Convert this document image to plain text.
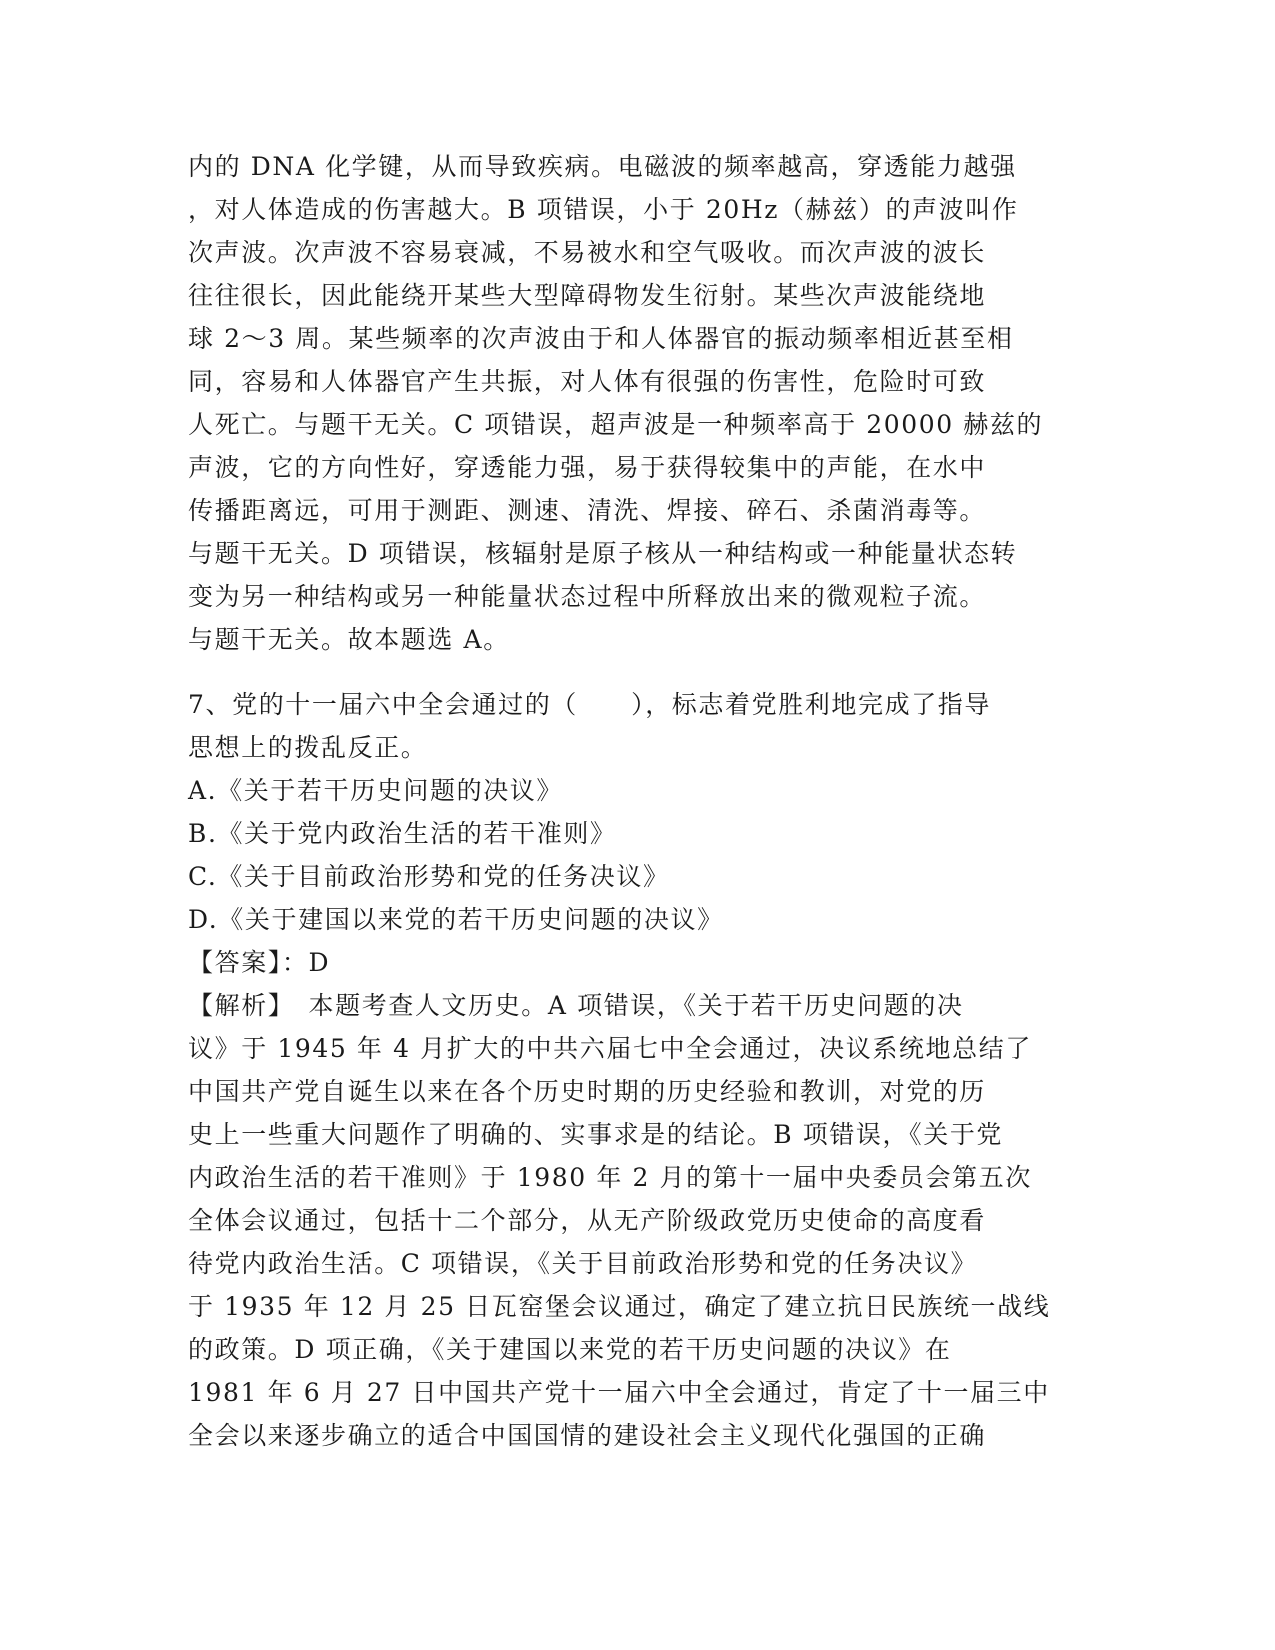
内的 DNA 化学键，从而导致疾病。电磁波的频率越高，穿透能力越强
，对人体造成的伤害越大。B 项错误，小于 20Hz（赫兹）的声波叫作
次声波。次声波不容易衰减，不易被水和空气吸收。而次声波的波长
往往很长，因此能绕开某些大型障碍物发生衍射。某些次声波能绕地
球 2～3 周。某些频率的次声波由于和人体器官的振动频率相近甚至相
同，容易和人体器官产生共振，对人体有很强的伤害性，危险时可致
人死亡。与题干无关。C 项错误，超声波是一种频率高于 20000 赫兹的
声波，它的方向性好，穿透能力强，易于获得较集中的声能，在水中
传播距离远，可用于测距、测速、清洗、焊接、碎石、杀菌消毒等。
与题干无关。D 项错误，核辐射是原子核从一种结构或一种能量状态转
变为另一种结构或另一种能量状态过程中所释放出来的微观粒子流。
与题干无关。故本题选 A。
7、党的十一届六中全会通过的（　　），标志着党胜利地完成了指导
思想上的拨乱反正。
A.《关于若干历史问题的决议》
B.《关于党内政治生活的若干准则》
C.《关于目前政治形势和党的任务决议》
D.《关于建国以来党的若干历史问题的决议》
【答案】：D
【解析】　本题考查人文历史。A 项错误，《关于若干历史问题的决
议》于 1945 年 4 月扩大的中共六届七中全会通过，决议系统地总结了
中国共产党自诞生以来在各个历史时期的历史经验和教训，对党的历
史上一些重大问题作了明确的、实事求是的结论。B 项错误，《关于党
内政治生活的若干准则》于 1980 年 2 月的第十一届中央委员会第五次
全体会议通过，包括十二个部分，从无产阶级政党历史使命的高度看
待党内政治生活。C 项错误，《关于目前政治形势和党的任务决议》
于 1935 年 12 月 25 日瓦窑堡会议通过，确定了建立抗日民族统一战线
的政策。D 项正确，《关于建国以来党的若干历史问题的决议》在
1981 年 6 月 27 日中国共产党十一届六中全会通过，肯定了十一届三中
全会以来逐步确立的适合中国国情的建设社会主义现代化强国的正确
